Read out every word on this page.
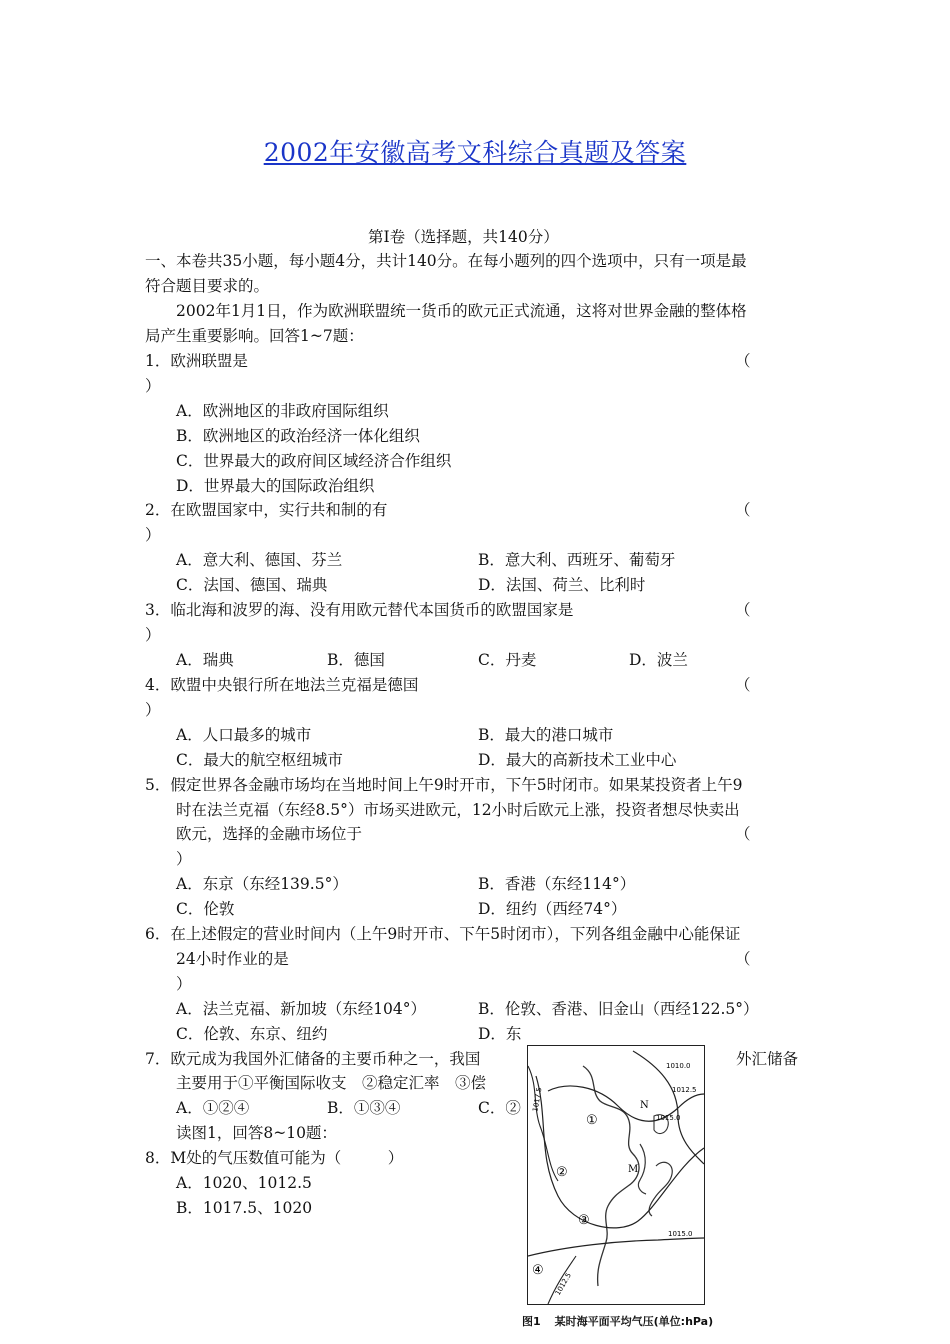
2002年安徽高考文科综合真题及答案
第Ⅰ卷（选择题，共140分）
一、本卷共35小题，每小题4分，共计140分。在每小题列的四个选项中，只有一项是最
符合题目要求的。
2002年1月1日，作为欧洲联盟统一货币的欧元正式流通，这将对世界金融的整体格
局产生重要影响。回答1~7题：
1．欧洲联盟是	（
）
A．欧洲地区的非政府国际组织
B．欧洲地区的政治经济一体化组织
C．世界最大的政府间区域经济合作组织
D．世界最大的国际政治组织
2．在欧盟国家中，实行共和制的有	（
）
A．意大利、德国、芬兰	B．意大利、西班牙、葡萄牙
C．法国、德国、瑞典	D．法国、荷兰、比利时
3．临北海和波罗的海、没有用欧元替代本国货币的欧盟国家是	（
）
A．瑞典	B．德国	C．丹麦	D．波兰
4．欧盟中央银行所在地法兰克福是德国	（
）
A．人口最多的城市	B．最大的港口城市
C．最大的航空枢纽城市	D．最大的高新技术工业中心
5．假定世界各金融市场均在当地时间上午9时开市，下午5时闭市。如果某投资者上午9
时在法兰克福（东经8.5°）市场买进欧元，12小时后欧元上涨，投资者想尽快卖出
欧元，选择的金融市场位于	（
）
A．东京（东经139.5°）	B．香港（东经114°）
C．伦敦	D．纽约（西经74°）
6．在上述假定的营业时间内（上午9时开市、下午5时闭市），下列各组金融中心能保证
24小时作业的是	（
）
A．法兰克福、新加坡（东经104°）	B．伦敦、香港、旧金山（西经122.5°）
C．伦敦、东京、纽约	D．东
7．欧元成为我国外汇储备的主要币种之一，我国	外汇储备
主要用于①平衡国际收支　②稳定汇率　③偿
A．①②④	B．①③④	C．②
读图1，回答8~10题：
8．M处的气压数值可能为（　　　）
A．1020、1012.5
B．1017.5、1020
①
②
③
④
N
M
1010.0
1012.5
1015.0
1017.5
1015.0
1012.5
图1 某时海平面平均气压(单位:hPa)
